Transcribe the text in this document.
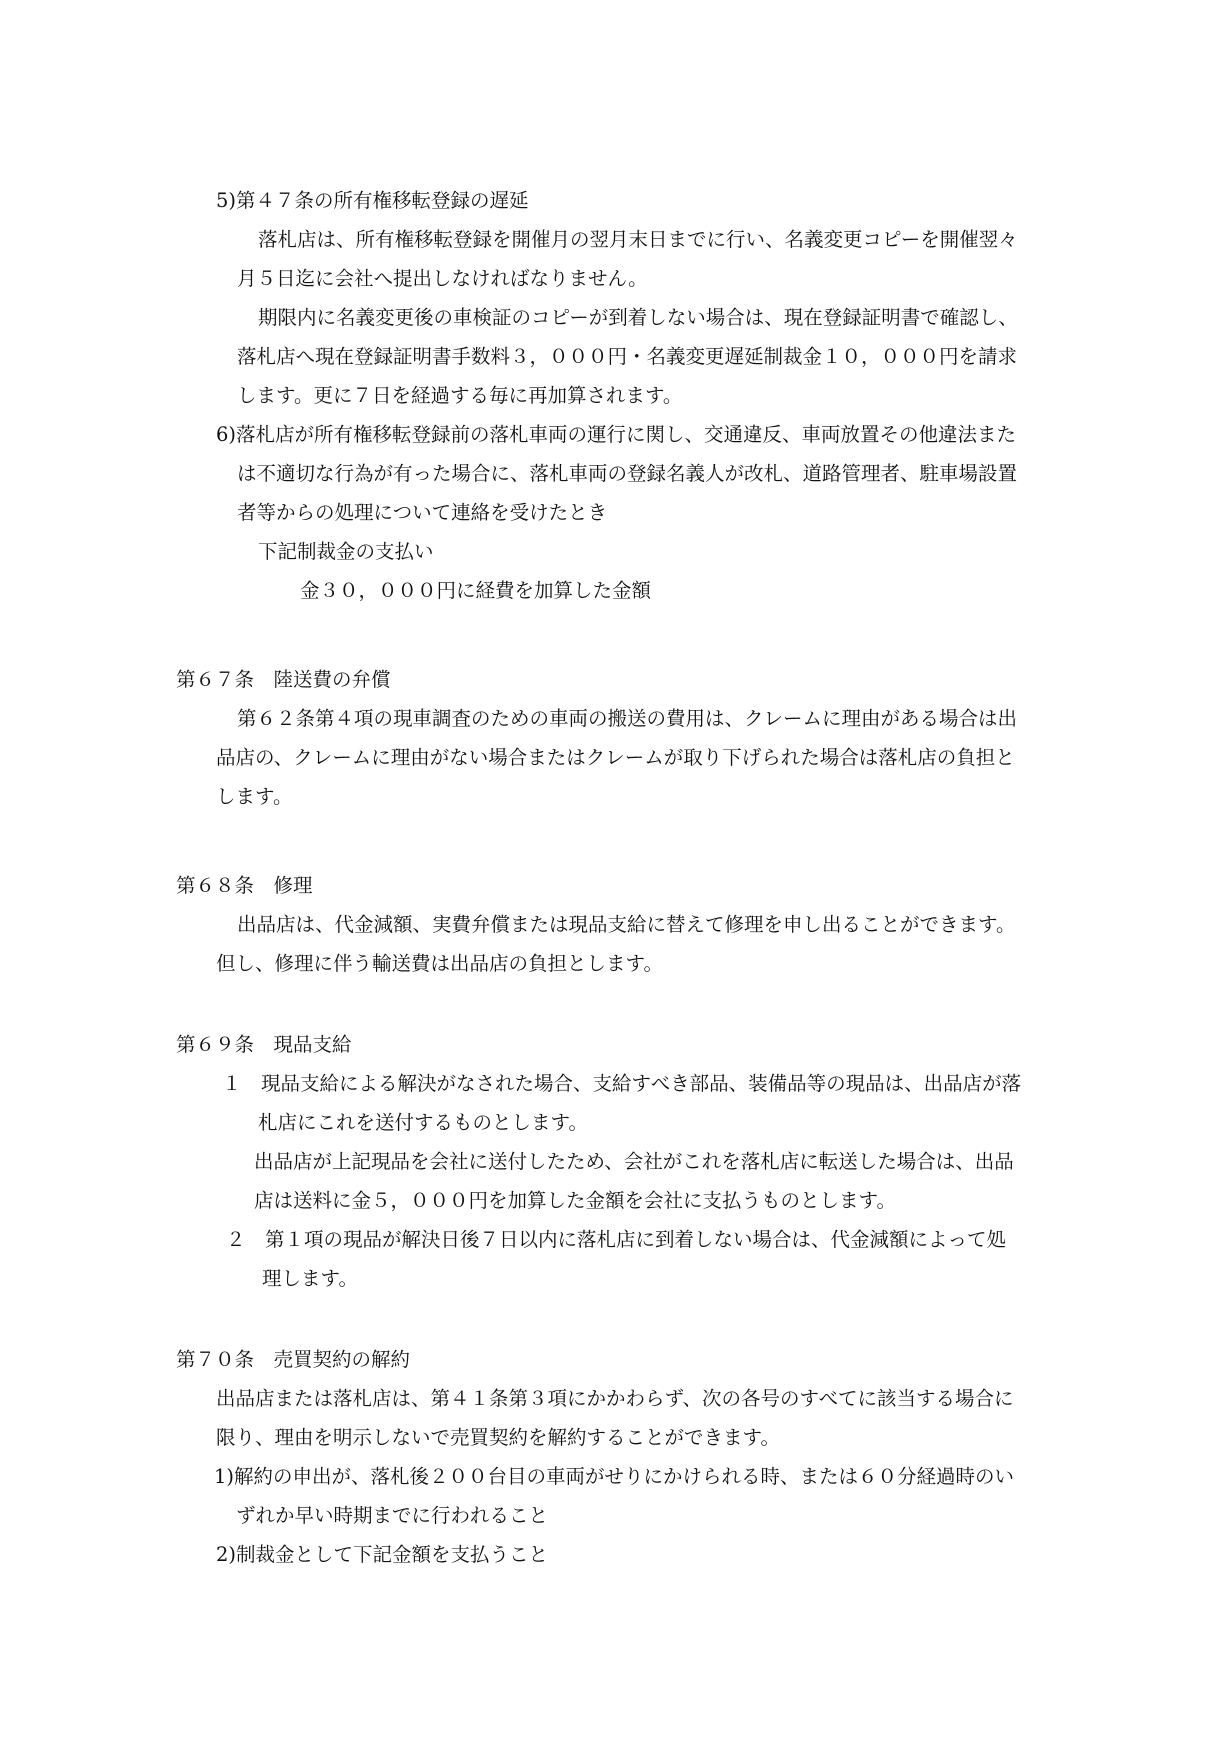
5)第４７条の所有権移転登録の遅延
落札店は、所有権移転登録を開催月の翌月末日までに行い、名義変更コピーを開催翌々
月５日迄に会社へ提出しなければなりません。
期限内に名義変更後の車検証のコピーが到着しない場合は、現在登録証明書で確認し、
落札店へ現在登録証明書手数料３，０００円・名義変更遅延制裁金１０，０００円を請求
します。更に７日を経過する毎に再加算されます。
6)落札店が所有権移転登録前の落札車両の運行に関し、交通違反、車両放置その他違法また
は不適切な行為が有った場合に、落札車両の登録名義人が改札、道路管理者、駐車場設置
者等からの処理について連絡を受けたとき
下記制裁金の支払い
金３０，０００円に経費を加算した金額
第６７条　陸送費の弁償
第６２条第４項の現車調査のための車両の搬送の費用は、クレームに理由がある場合は出
品店の、クレームに理由がない場合またはクレームが取り下げられた場合は落札店の負担と
します。
第６８条　修理
出品店は、代金減額、実費弁償または現品支給に替えて修理を申し出ることができます。
但し、修理に伴う輸送費は出品店の負担とします。
第６９条　現品支給
１　現品支給による解決がなされた場合、支給すべき部品、装備品等の現品は、出品店が落
札店にこれを送付するものとします。
出品店が上記現品を会社に送付したため、会社がこれを落札店に転送した場合は、出品
店は送料に金５，０００円を加算した金額を会社に支払うものとします。
２　第１項の現品が解決日後７日以内に落札店に到着しない場合は、代金減額によって処
理します。
第７０条　売買契約の解約
出品店または落札店は、第４１条第３項にかかわらず、次の各号のすべてに該当する場合に
限り、理由を明示しないで売買契約を解約することができます。
1)解約の申出が、落札後２００台目の車両がせりにかけられる時、または６０分経過時のい
ずれか早い時期までに行われること
2)制裁金として下記金額を支払うこと
